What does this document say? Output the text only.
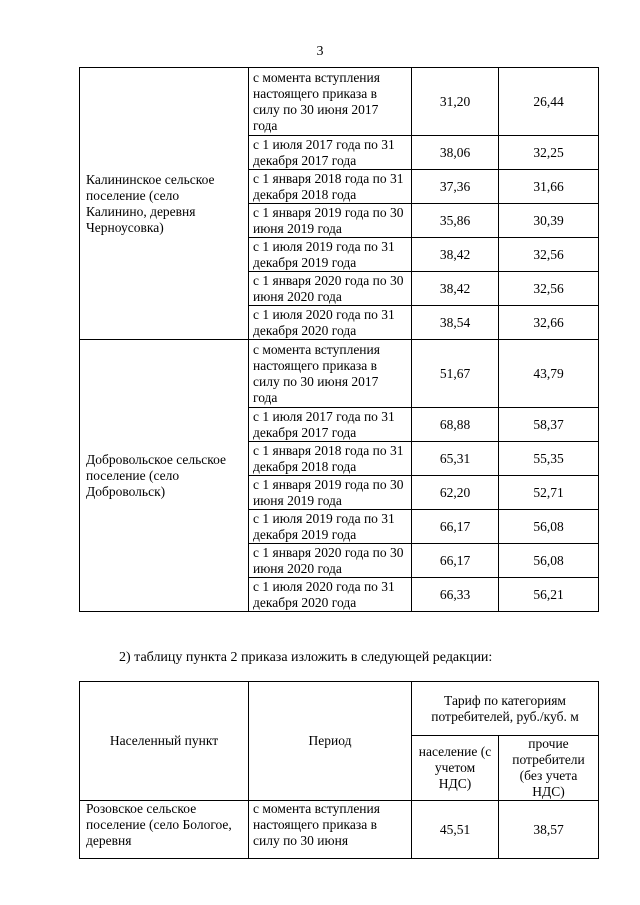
3
Калининское сельское поселение (село Калинино, деревня Черноусовка)	с момента вступления настоящего приказа в силу по 30 июня 2017 года	31,20	26,44
	с 1 июля 2017 года по 31 декабря 2017 года	38,06	32,25
	с 1 января 2018 года по 31 декабря 2018 года	37,36	31,66
	с 1 января 2019 года по 30 июня 2019 года	35,86	30,39
	с 1 июля 2019 года по 31 декабря 2019 года	38,42	32,56
	с 1 января 2020 года по 30 июня 2020 года	38,42	32,56
	с 1 июля 2020 года по 31 декабря 2020 года	38,54	32,66
Добровольское сельское поселение (село Добровольск)	с момента вступления настоящего приказа в силу по 30 июня 2017 года	51,67	43,79
	с 1 июля 2017 года по 31 декабря 2017 года	68,88	58,37
	с 1 января 2018 года по 31 декабря 2018 года	65,31	55,35
	с 1 января 2019 года по 30 июня 2019 года	62,20	52,71
	с 1 июля 2019 года по 31 декабря 2019 года	66,17	56,08
	с 1 января 2020 года по 30 июня 2020 года	66,17	56,08
	с 1 июля 2020 года по 31 декабря 2020 года	66,33	56,21
2) таблицу пункта 2 приказа изложить в следующей редакции:
Населенный пункт	Период	Тариф по категориям потребителей, руб./куб. м	
		население (с учетом НДС)	прочие потребители (без учета НДС)
Розовское сельское поселение (село Бологое, деревня	с момента вступления настоящего приказа в силу по 30 июня	45,51	38,57
